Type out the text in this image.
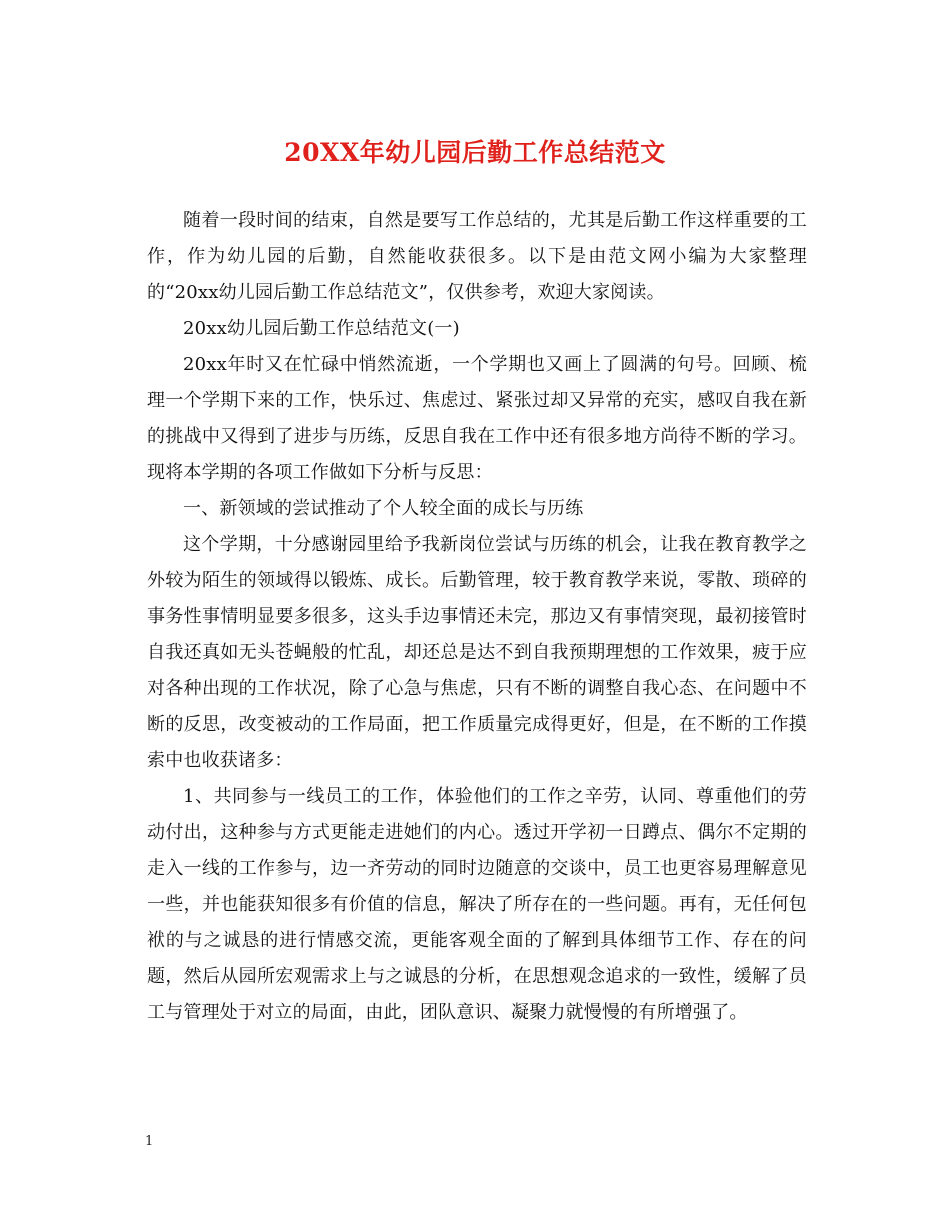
20XX年幼儿园后勤工作总结范文

随着一段时间的结束，自然是要写工作总结的，尤其是后勤工作这样重要的工作，作为幼儿园的后勤，自然能收获很多。以下是由范文网小编为大家整理的“20xx幼儿园后勤工作总结范文”，仅供参考，欢迎大家阅读。

20xx幼儿园后勤工作总结范文(一)

20xx年时又在忙碌中悄然流逝，一个学期也又画上了圆满的句号。回顾、梳理一个学期下来的工作，快乐过、焦虑过、紧张过却又异常的充实，感叹自我在新的挑战中又得到了进步与历练，反思自我在工作中还有很多地方尚待不断的学习。现将本学期的各项工作做如下分析与反思：

一、新领域的尝试推动了个人较全面的成长与历练

这个学期，十分感谢园里给予我新岗位尝试与历练的机会，让我在教育教学之外较为陌生的领域得以锻炼、成长。后勤管理，较于教育教学来说，零散、琐碎的事务性事情明显要多很多，这头手边事情还未完，那边又有事情突现，最初接管时自我还真如无头苍蝇般的忙乱，却还总是达不到自我预期理想的工作效果，疲于应对各种出现的工作状况，除了心急与焦虑，只有不断的调整自我心态、在问题中不断的反思，改变被动的工作局面，把工作质量完成得更好，但是，在不断的工作摸索中也收获诸多：

1、共同参与一线员工的工作，体验他们的工作之辛劳，认同、尊重他们的劳动付出，这种参与方式更能走进她们的内心。透过开学初一日蹲点、偶尔不定期的走入一线的工作参与，边一齐劳动的同时边随意的交谈中，员工也更容易理解意见一些，并也能获知很多有价值的信息，解决了所存在的一些问题。再有，无任何包袱的与之诚恳的进行情感交流，更能客观全面的了解到具体细节工作、存在的问题，然后从园所宏观需求上与之诚恳的分析，在思想观念追求的一致性，缓解了员工与管理处于对立的局面，由此，团队意识、凝聚力就慢慢的有所增强了。

1
